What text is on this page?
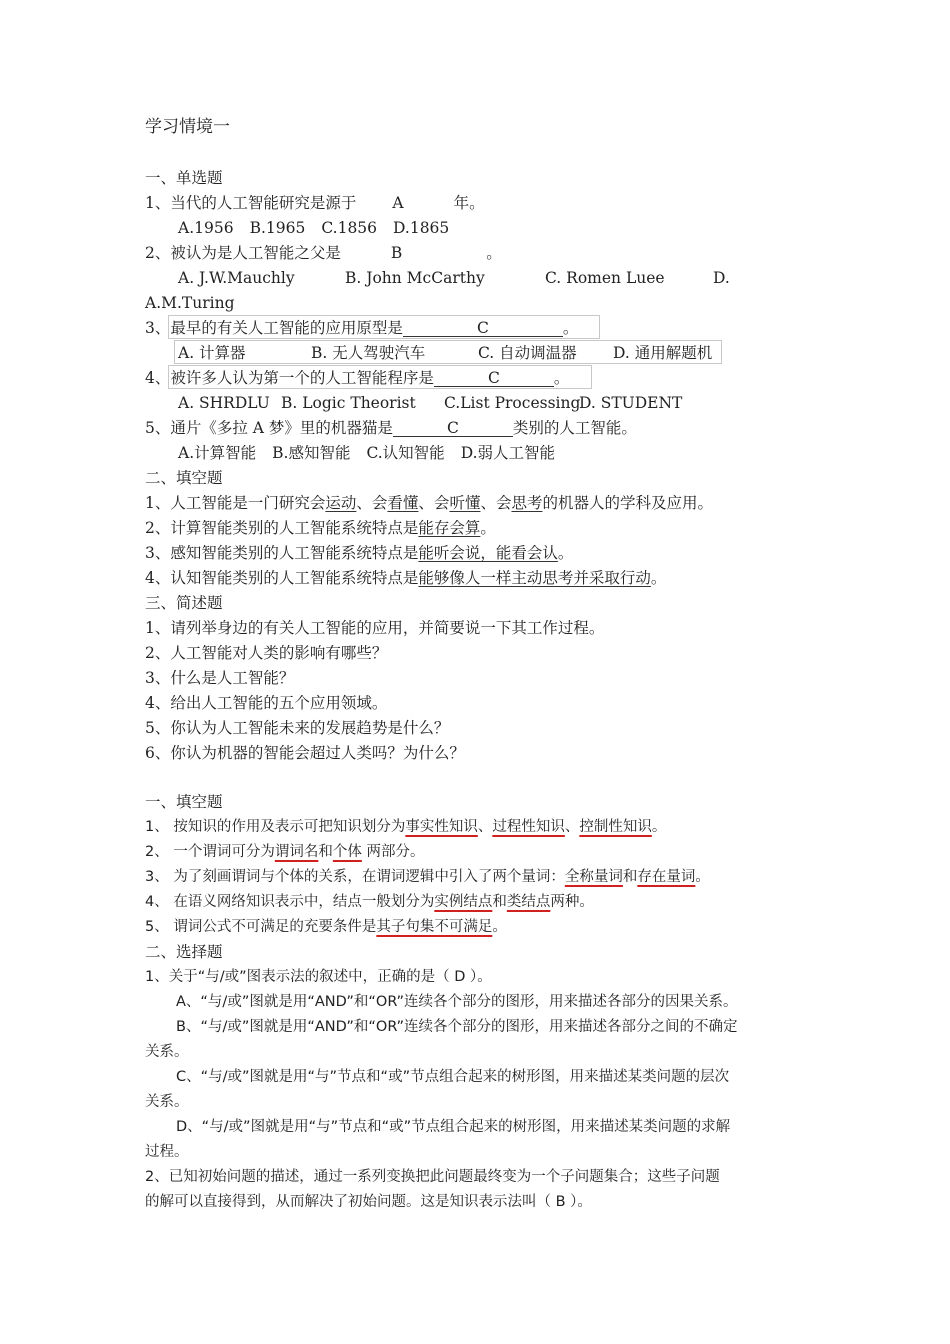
学习情境一
一、单选题
1、当代的人工智能研究是源于 A	年。
A.1956 B.1965 C.1856 D.1865
2、被认为是人工智能之父是	B	。
A. J.W.Mauchly	B. John McCarthy	C. Romen Luee	D.
A.M.Turing
3、最早的有关人工智能的应用原型是	C	。
A. 计算器	B. 无人驾驶汽车	C. 自动调温器 D. 通用解题机
4、被许多人认为第一个的人工智能程序是	C	。
A. SHRDLU B. Logic Theorist C.List ProcessingD. STUDENT
5、通片《多拉 A 梦》里的机器猫是	C	类别的人工智能。
A.计算智能 B.感知智能 C.认知智能 D.弱人工智能
二、填空题
1、人工智能是一门研究会运动、会看懂、会听懂、会思考的机器人的学科及应用。
2、计算智能类别的人工智能系统特点是能存会算。
3、感知智能类别的人工智能系统特点是能听会说，能看会认。
4、认知智能类别的人工智能系统特点是能够像人一样主动思考并采取行动。
三、简述题
1、请列举身边的有关人工智能的应用，并简要说一下其工作过程。
2、人工智能对人类的影响有哪些？
3、什么是人工智能？
4、给出人工智能的五个应用领域。
5、你认为人工智能未来的发展趋势是什么？
6、你认为机器的智能会超过人类吗？为什么？
一、填空题
1、 按知识的作用及表示可把知识划分为事实性知识、过程性知识、控制性知识。
2、 一个谓词可分为谓词名和个体 两部分。
3、 为了刻画谓词与个体的关系，在谓词逻辑中引入了两个量词：全称量词和存在量词。
4、 在语义网络知识表示中，结点一般划分为实例结点和类结点两种。
5、 谓词公式不可满足的充要条件是其子句集不可满足。
二、选择题
1、关于“与/或”图表示法的叙述中，正确的是（ D ）。
A、“与/或”图就是用“AND”和“OR”连续各个部分的图形，用来描述各部分的因果关系。
B、“与/或”图就是用“AND”和“OR”连续各个部分的图形，用来描述各部分之间的不确定
关系。
C、“与/或”图就是用“与”节点和“或”节点组合起来的树形图，用来描述某类问题的层次
关系。
D、“与/或”图就是用“与”节点和“或”节点组合起来的树形图，用来描述某类问题的求解
过程。
2、已知初始问题的描述，通过一系列变换把此问题最终变为一个子问题集合；这些子问题
的解可以直接得到，从而解决了初始问题。这是知识表示法叫（ B ）。
